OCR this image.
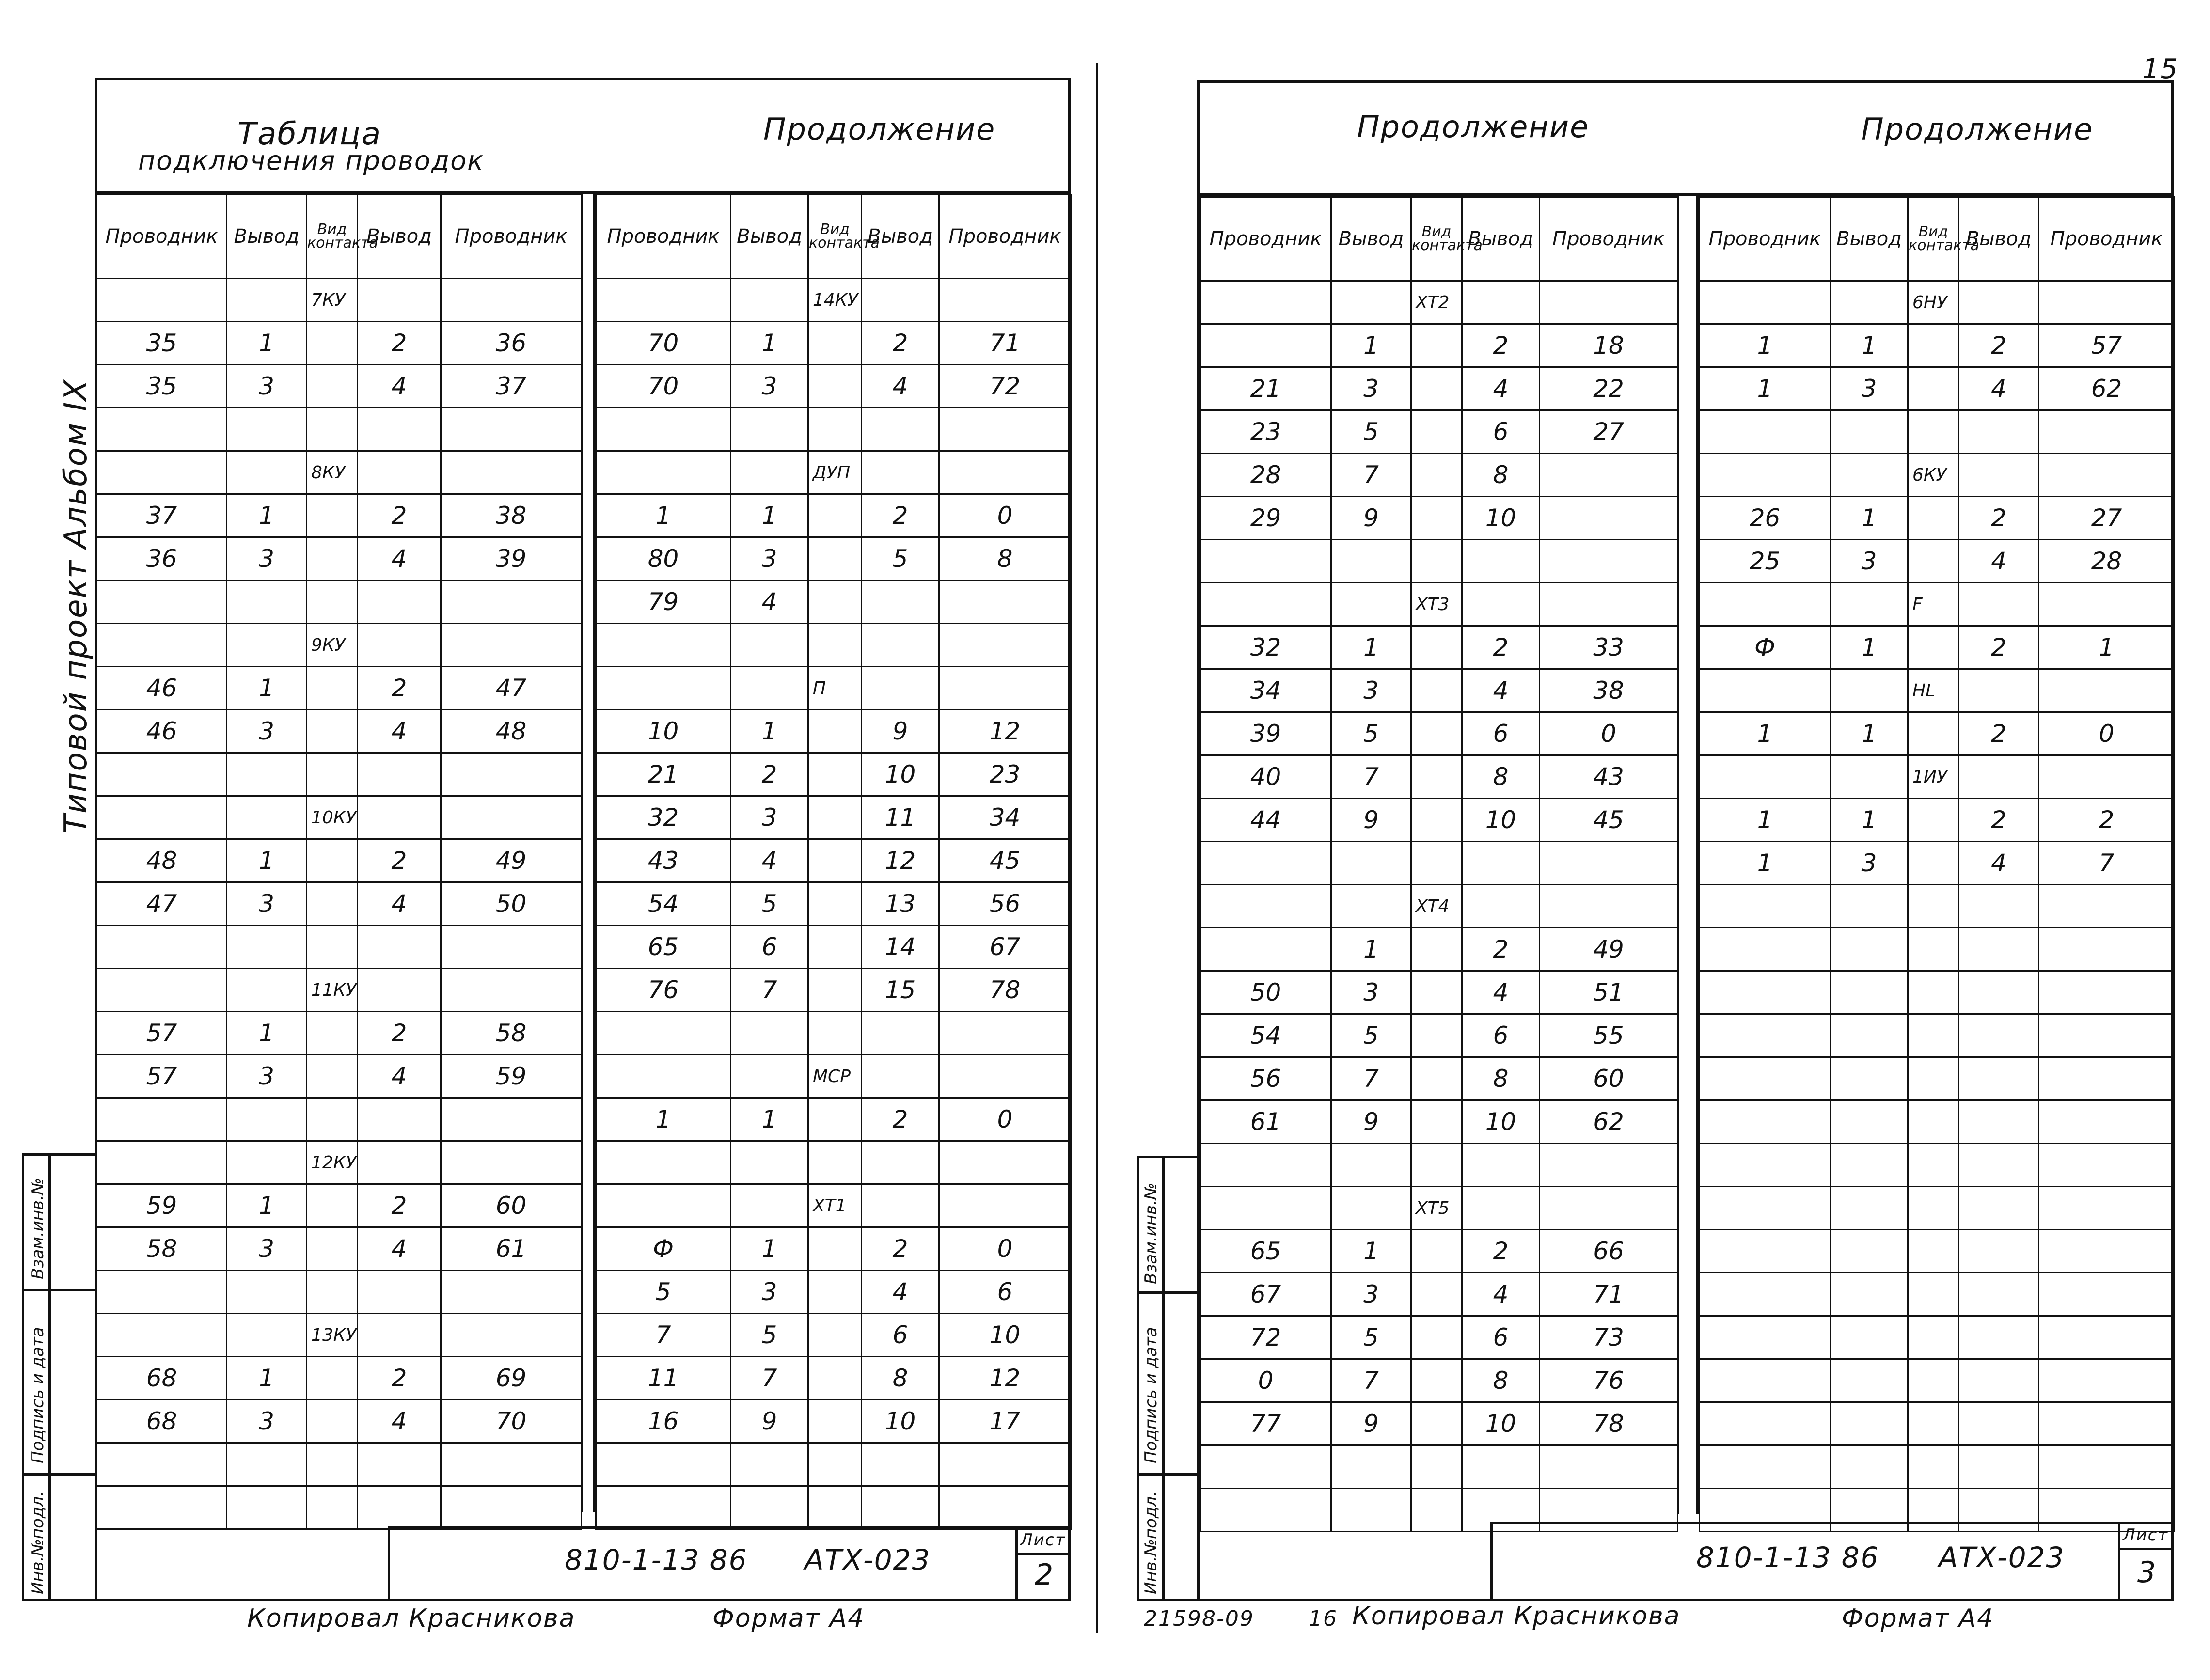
15
Таблица
подключения проводок
Продолжение
Типовой проект Альбом IX
Взам.инв.№
Подпись и дата
Инв.№подл.
Проводник	Вывод	Вид контакта	Вывод	Проводник
		7КУ		
35	1		2	36
35	3		4	37

		8КУ		
37	1		2	38
36	3		4	39

		9КУ		
46	1		2	47
46	3		4	48

		10КУ		
48	1		2	49
47	3		4	50

		11КУ		
57	1		2	58
57	3		4	59

		12КУ		
59	1		2	60
58	3		4	61

		13КУ		
68	1		2	69
68	3		4	70

Проводник	Вывод	Вид контакта	Вывод	Проводник
		14КУ		
70	1		2	71
70	3		4	72

		ДУП		
1	1		2	0
80	3		5	8
79	4			

		П		
10	1		9	12
21	2		10	23
32	3		11	34
43	4		12	45
54	5		13	56
65	6		14	67
76	7		15	78

		МСР		
1	1		2	0

		ХТ1		
Ф	1		2	0
5	3		4	6
7	5		6	10
11	7		8	12
16	9		10	17

810-1-13 86 АТХ-023
Лист
2
Копировал Красникова	Формат А4
Продолжение	Продолжение
Взам.инв.№
Подпись и дата
Инв.№подл.
Проводник	Вывод	Вид контакта	Вывод	Проводник
		ХТ2		
	1		2	18
21	3		4	22
23	5		6	27
28	7		8	
29	9		10	

		ХТ3		
32	1		2	33
34	3		4	38
39	5		6	0
40	7		8	43
44	9		10	45

		ХТ4		
	1		2	49
50	3		4	51
54	5		6	55
56	7		8	60
61	9		10	62

		ХТ5		
65	1		2	66
67	3		4	71
72	5		6	73
0	7		8	76
77	9		10	78

Проводник	Вывод	Вид контакта	Вывод	Проводник
		6НУ		
1	1		2	57
1	3		4	62

		6КУ		
26	1		2	27
25	3		4	28
		F		
Ф	1		2	1
		НL		
1	1		2	0
		1ИУ		
1	1		2	2
1	3		4	7

810-1-13 86 АТХ-023
Лист
3
21598-09	16 Копировал Красникова	Формат А4
